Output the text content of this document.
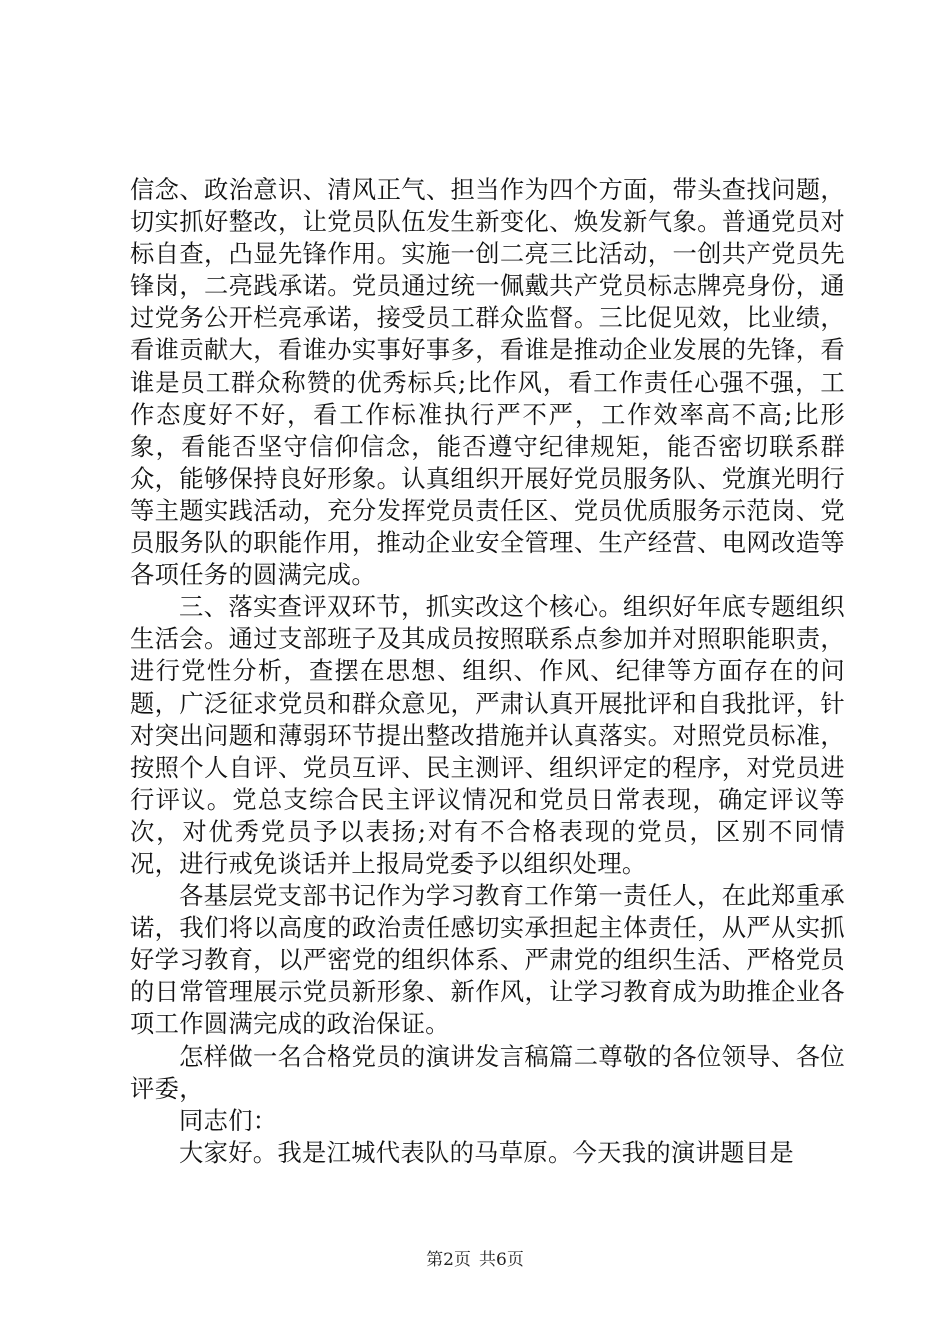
信念、政治意识、清风正气、担当作为四个方面，带头查找问题，切实抓好整改，让党员队伍发生新变化、焕发新气象。普通党员对标自查，凸显先锋作用。实施一创二亮三比活动，一创共产党员先锋岗，二亮践承诺。党员通过统一佩戴共产党员标志牌亮身份，通过党务公开栏亮承诺，接受员工群众监督。三比促见效，比业绩，看谁贡献大，看谁办实事好事多，看谁是推动企业发展的先锋，看谁是员工群众称赞的优秀标兵;比作风，看工作责任心强不强，工作态度好不好，看工作标准执行严不严，工作效率高不高;比形象，看能否坚守信仰信念，能否遵守纪律规矩，能否密切联系群众，能够保持良好形象。认真组织开展好党员服务队、党旗光明行等主题实践活动，充分发挥党员责任区、党员优质服务示范岗、党员服务队的职能作用，推动企业安全管理、生产经营、电网改造等各项任务的圆满完成。

三、落实查评双环节，抓实改这个核心。组织好年底专题组织生活会。通过支部班子及其成员按照联系点参加并对照职能职责，进行党性分析，查摆在思想、组织、作风、纪律等方面存在的问题，广泛征求党员和群众意见，严肃认真开展批评和自我批评，针对突出问题和薄弱环节提出整改措施并认真落实。对照党员标准，按照个人自评、党员互评、民主测评、组织评定的程序，对党员进行评议。党总支综合民主评议情况和党员日常表现，确定评议等次，对优秀党员予以表扬;对有不合格表现的党员，区别不同情况，进行戒免谈话并上报局党委予以组织处理。

各基层党支部书记作为学习教育工作第一责任人，在此郑重承诺，我们将以高度的政治责任感切实承担起主体责任，从严从实抓好学习教育，以严密党的组织体系、严肃党的组织生活、严格党员的日常管理展示党员新形象、新作风，让学习教育成为助推企业各项工作圆满完成的政治保证。

怎样做一名合格党员的演讲发言稿篇二尊敬的各位领导、各位评委，

同志们：

大家好。我是江城代表队的马草原。今天我的演讲题目是

第2页 共6页
